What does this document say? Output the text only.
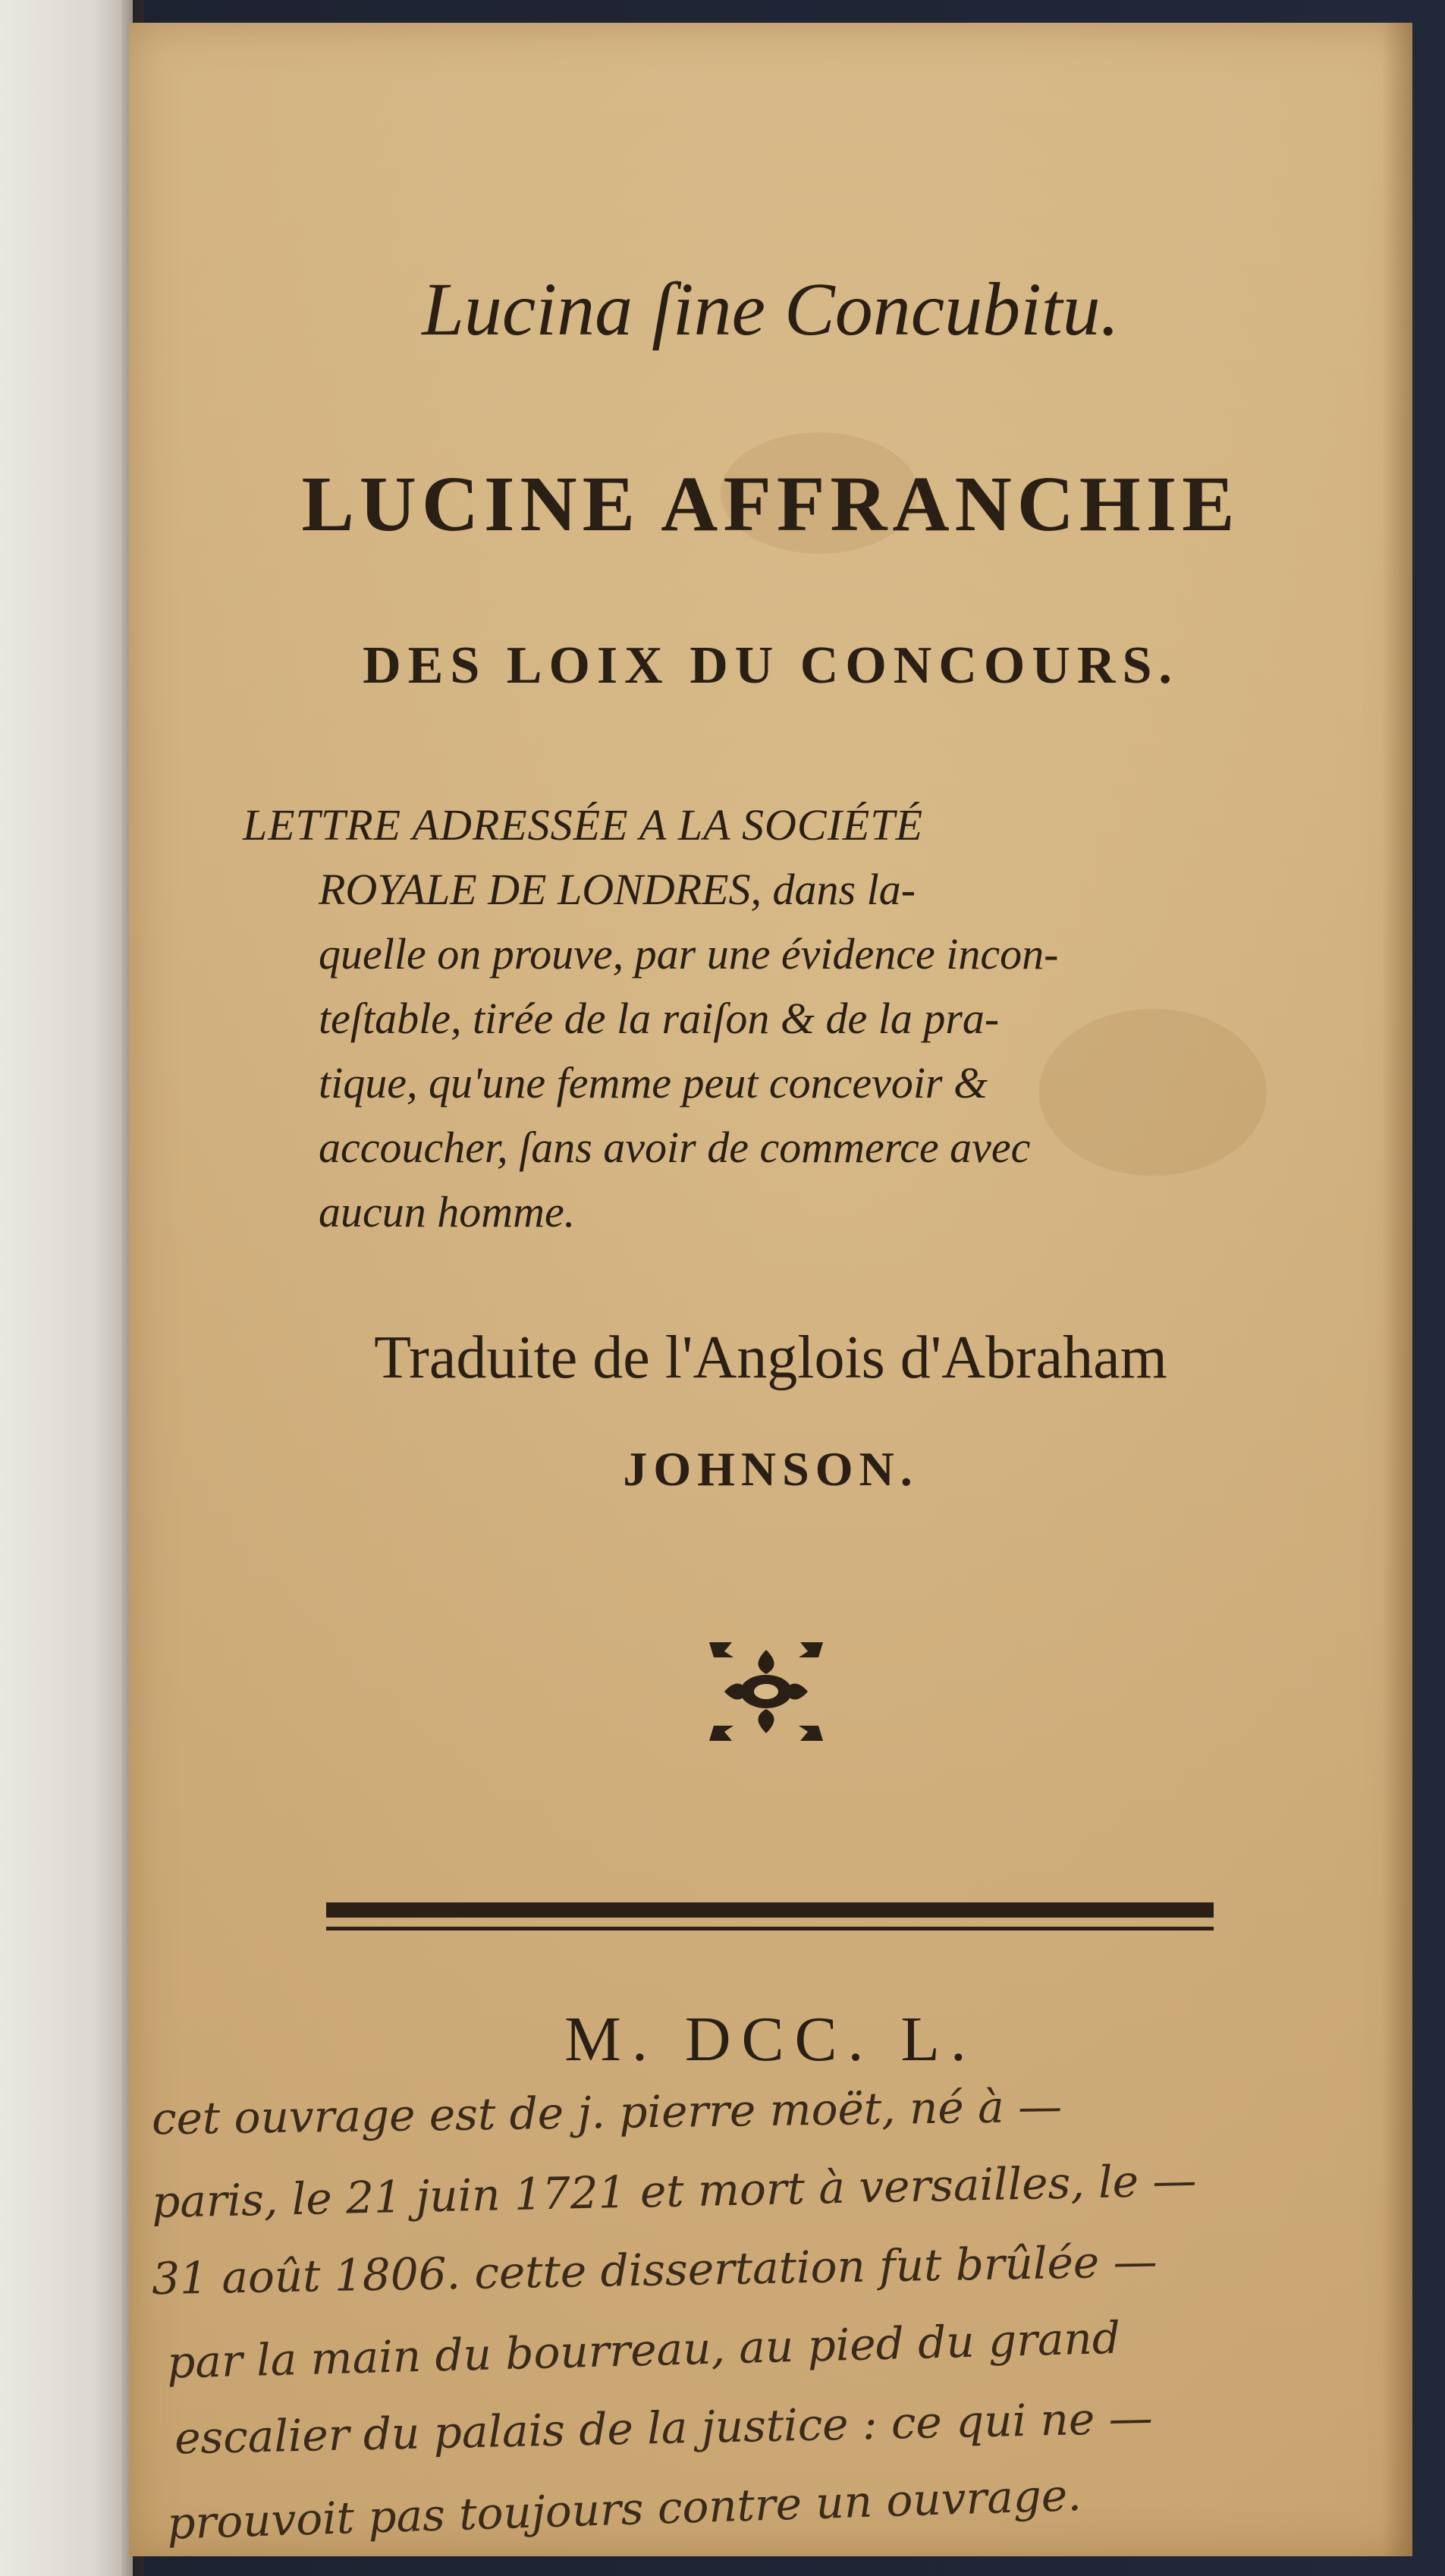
Lucina ſine Concubitu.
LUCINE AFFRANCHIE
DES LOIX DU CONCOURS.
LETTRE ADRESSÉE A LA SOCIÉTÉ
ROYALE DE LONDRES, dans la-
quelle on prouve, par une évidence incon-
teſtable, tirée de la raiſon & de la pra-
tique, qu'une femme peut concevoir &
accoucher, ſans avoir de commerce avec
aucun homme.
Traduite de l'Anglois d'Abraham
JOHNSON.
M. DCC. L.
cet ouvrage est de j. pierre moët, né à —
paris, le 21 juin 1721 et mort à versailles, le —
31 août 1806. cette dissertation fut brûlée —
par la main du bourreau, au pied du grand
escalier du palais de la justice : ce qui ne —
prouvoit pas toujours contre un ouvrage.
